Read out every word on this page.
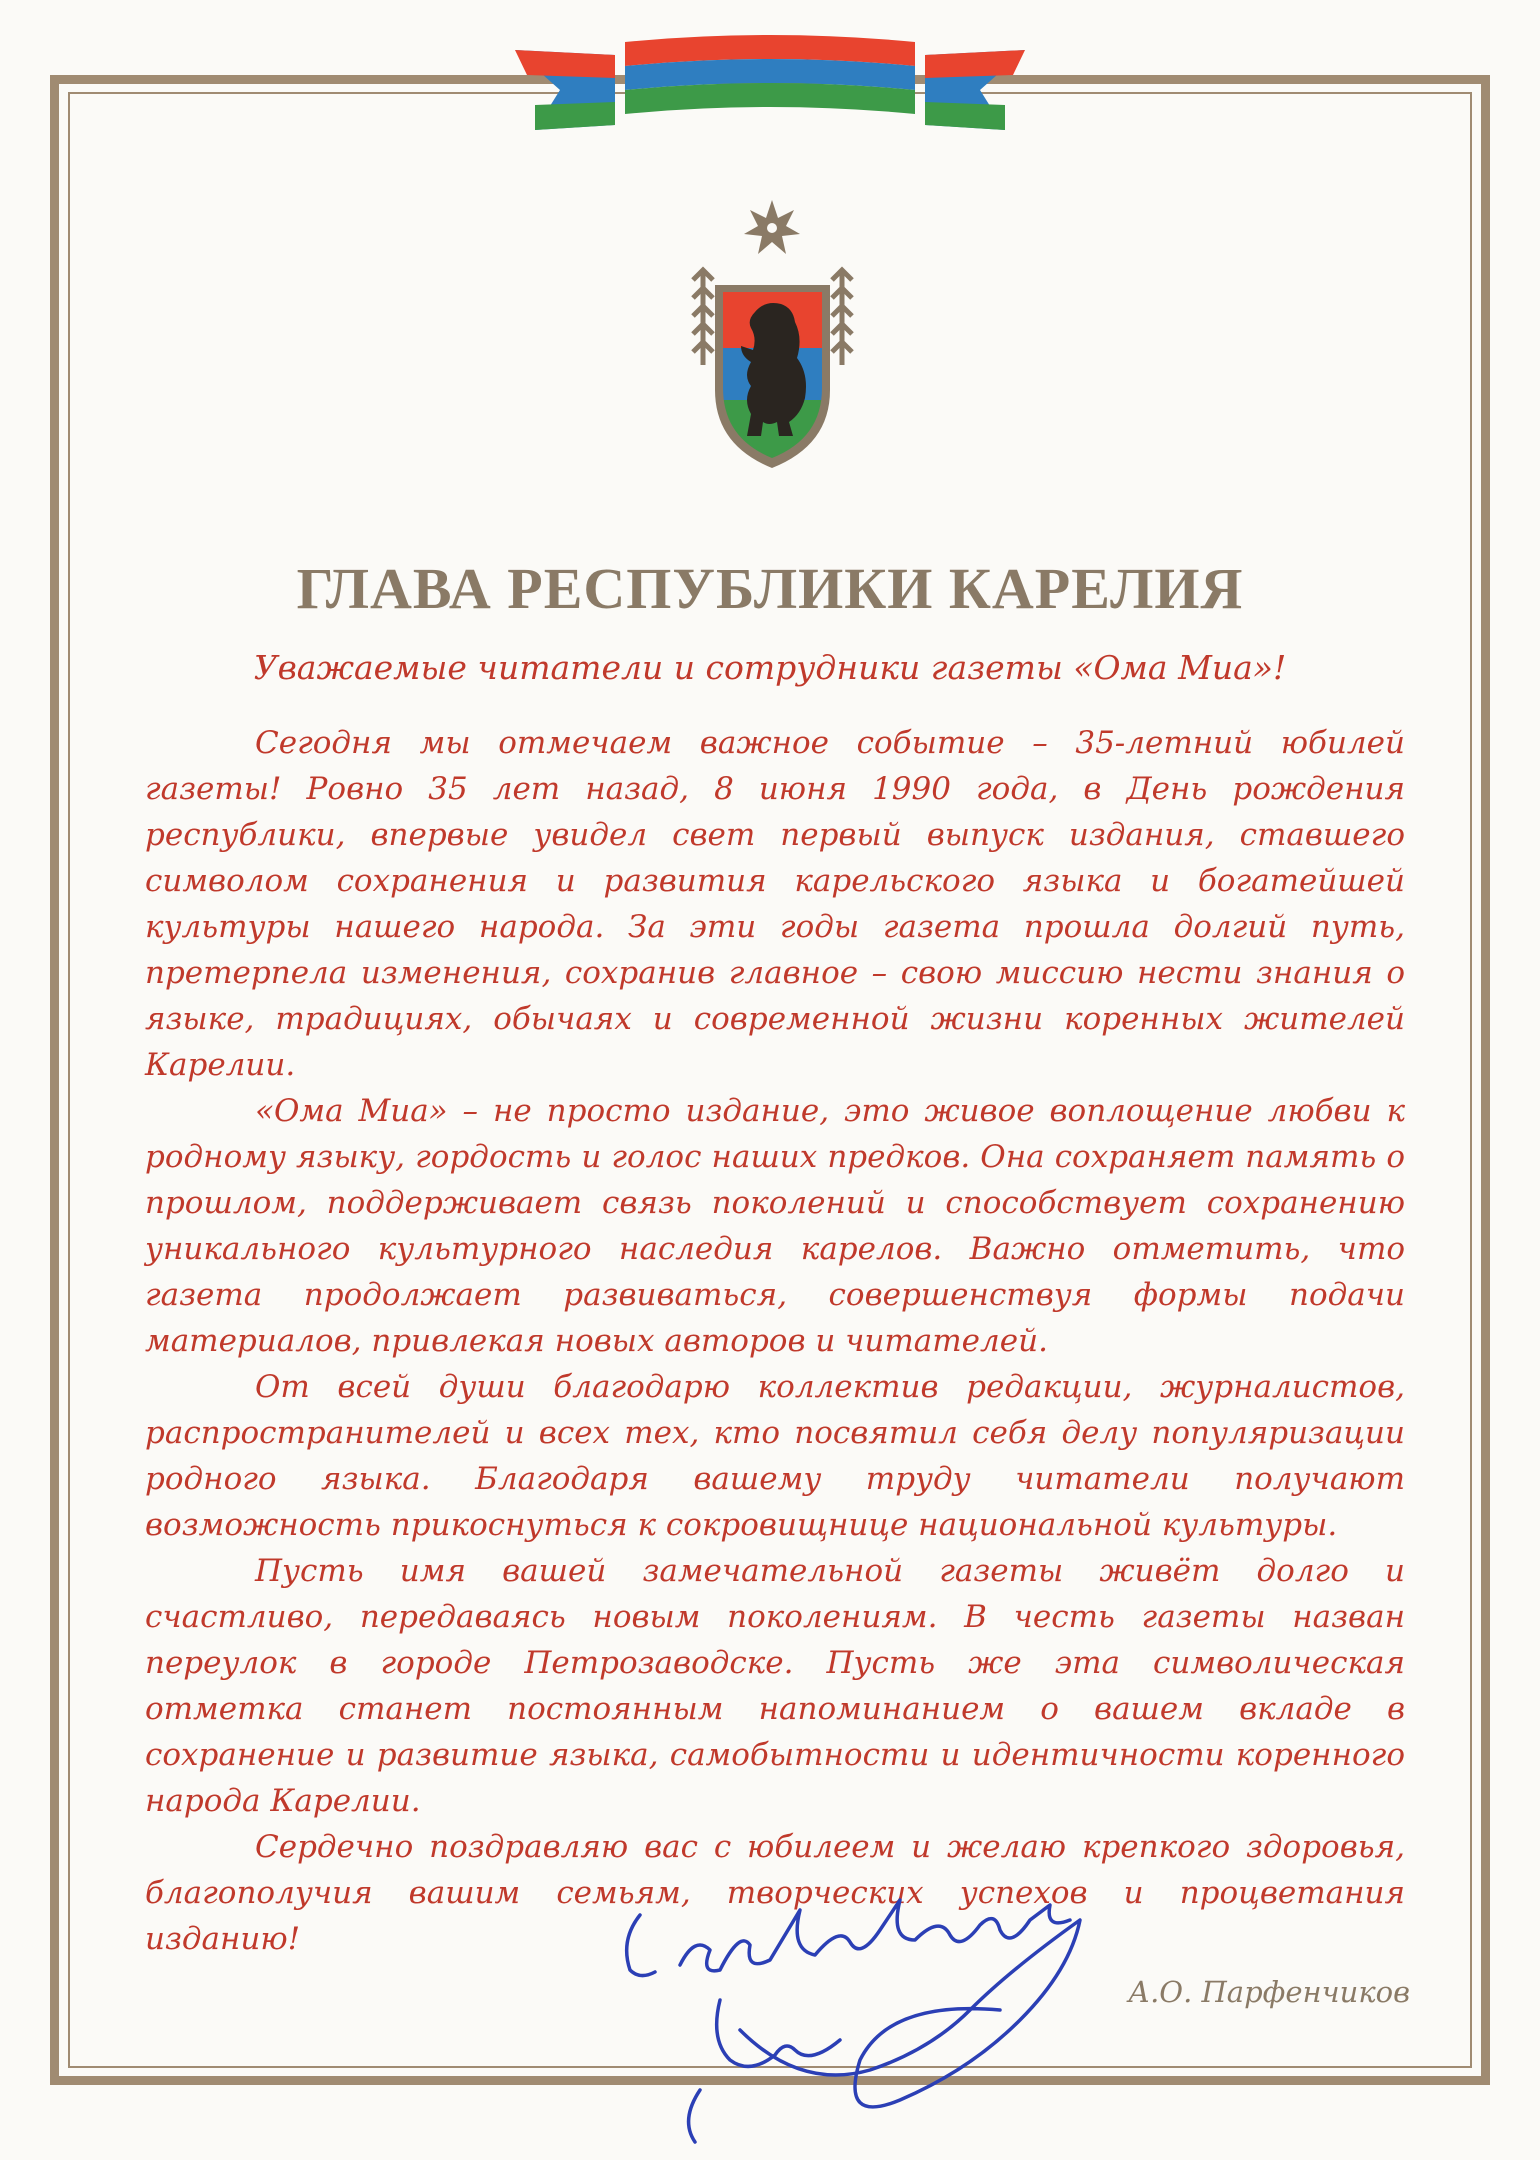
ГЛАВА РЕСПУБЛИКИ КАРЕЛИЯ
Уважаемые читатели и сотрудники газеты «Ома Миа»!

Сегодня мы отмечаем важное событие – 35-летний юбилей газеты! Ровно 35 лет назад, 8 июня 1990 года, в День рождения республики, впервые увидел свет первый выпуск издания, ставшего символом сохранения и развития карельского языка и богатейшей культуры нашего народа. За эти годы газета прошла долгий путь, претерпела изменения, сохранив главное – свою миссию нести знания о языке, традициях, обычаях и современной жизни коренных жителей Карелии.

«Ома Миа» – не просто издание, это живое воплощение любви к родному языку, гордость и голос наших предков. Она сохраняет память о прошлом, поддерживает связь поколений и способствует сохранению уникального культурного наследия карелов. Важно отметить, что газета продолжает развиваться, совершенствуя формы подачи материалов, привлекая новых авторов и читателей.

От всей души благодарю коллектив редакции, журналистов, распространителей и всех тех, кто посвятил себя делу популяризации родного языка. Благодаря вашему труду читатели получают возможность прикоснуться к сокровищнице национальной культуры.

Пусть имя вашей замечательной газеты живёт долго и счастливо, передаваясь новым поколениям. В честь газеты назван переулок в городе Петрозаводске. Пусть же эта символическая отметка станет постоянным напоминанием о вашем вкладе в сохранение и развитие языка, самобытности и идентичности коренного народа Карелии.

Сердечно поздравляю вас с юбилеем и желаю крепкого здоровья, благополучия вашим семьям, творческих успехов и процветания изданию!

А.О. Парфенчиков
